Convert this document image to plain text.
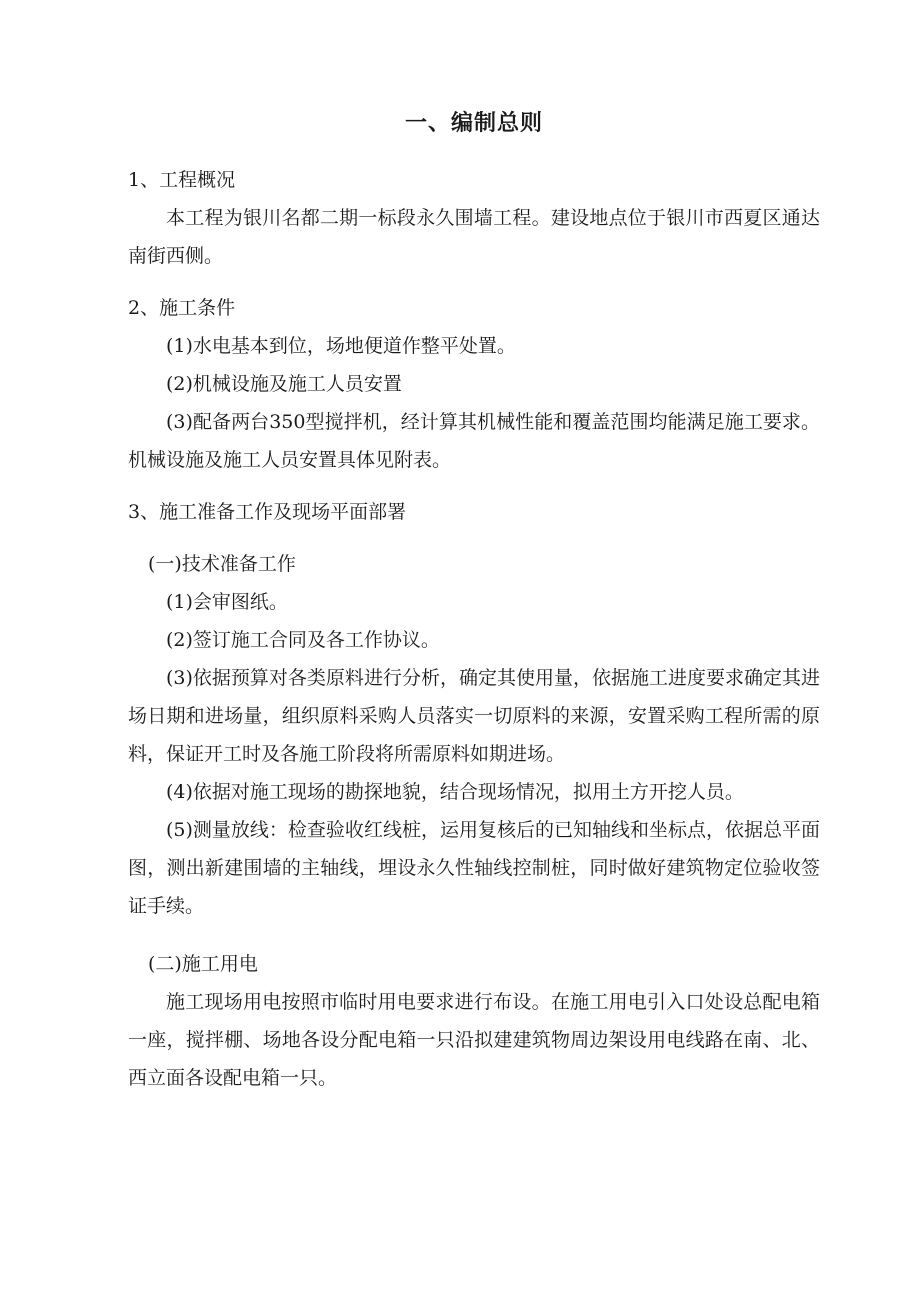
一、编制总则

1、工程概况

本工程为银川名都二期一标段永久围墙工程。建设地点位于银川市西夏区通达南街西侧。

2、施工条件

(1)水电基本到位，场地便道作整平处置。

(2)机械设施及施工人员安置

(3)配备两台350型搅拌机，经计算其机械性能和覆盖范围均能满足施工要求。机械设施及施工人员安置具体见附表。

3、施工准备工作及现场平面部署

(一)技术准备工作

(1)会审图纸。

(2)签订施工合同及各工作协议。

(3)依据预算对各类原料进行分析，确定其使用量，依据施工进度要求确定其进场日期和进场量，组织原料采购人员落实一切原料的来源，安置采购工程所需的原料，保证开工时及各施工阶段将所需原料如期进场。

(4)依据对施工现场的勘探地貌，结合现场情况，拟用土方开挖人员。

(5)测量放线：检查验收红线桩，运用复核后的已知轴线和坐标点，依据总平面图，测出新建围墙的主轴线，埋设永久性轴线控制桩，同时做好建筑物定位验收签证手续。

(二)施工用电

施工现场用电按照市临时用电要求进行布设。在施工用电引入口处设总配电箱一座，搅拌棚、场地各设分配电箱一只沿拟建建筑物周边架设用电线路在南、北、西立面各设配电箱一只。
